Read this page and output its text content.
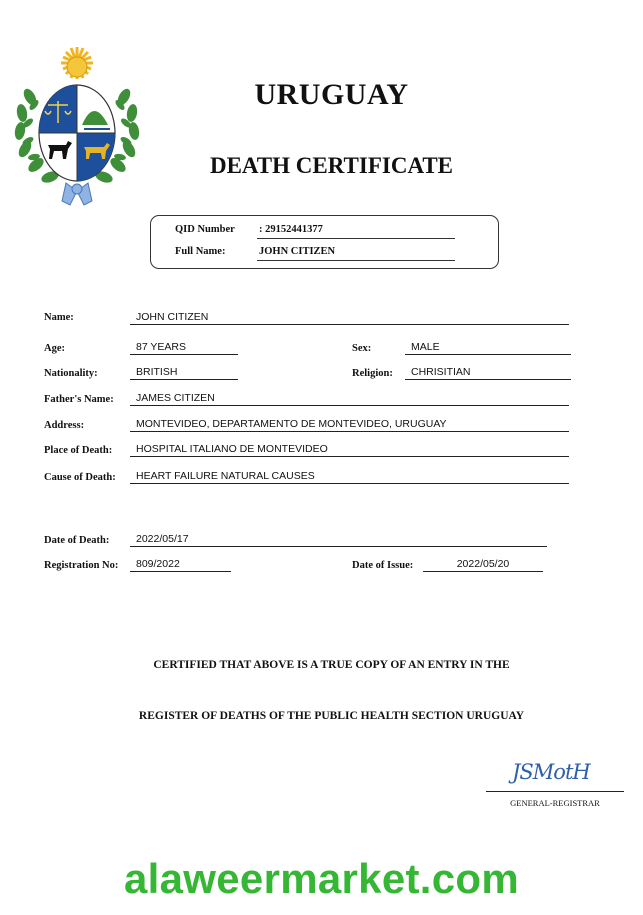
URUGUAY
DEATH CERTIFICATE
QID Number : 29152441377
Full Name:	JOHN CITIZEN
Name:	JOHN CITIZEN
Age:	87 YEARS	Sex:	MALE
Nationality:	BRITISH	Religion:	CHRISITIAN
Father's Name:	JAMES CITIZEN
Address:	MONTEVIDEO, DEPARTAMENTO DE MONTEVIDEO, URUGUAY
Place of Death:	HOSPITAL ITALIANO DE MONTEVIDEO
Cause of Death:	HEART FAILURE NATURAL CAUSES
Date of Death:	2022/05/17
Registration No:	809/2022	Date of Issue:	2022/05/20
CERTIFIED THAT ABOVE IS A TRUE COPY OF AN ENTRY IN THE
REGISTER OF DEATHS OF THE PUBLIC HEALTH SECTION URUGUAY
JSMotH
GENERAL-REGISTRAR
alaweermarket.com
